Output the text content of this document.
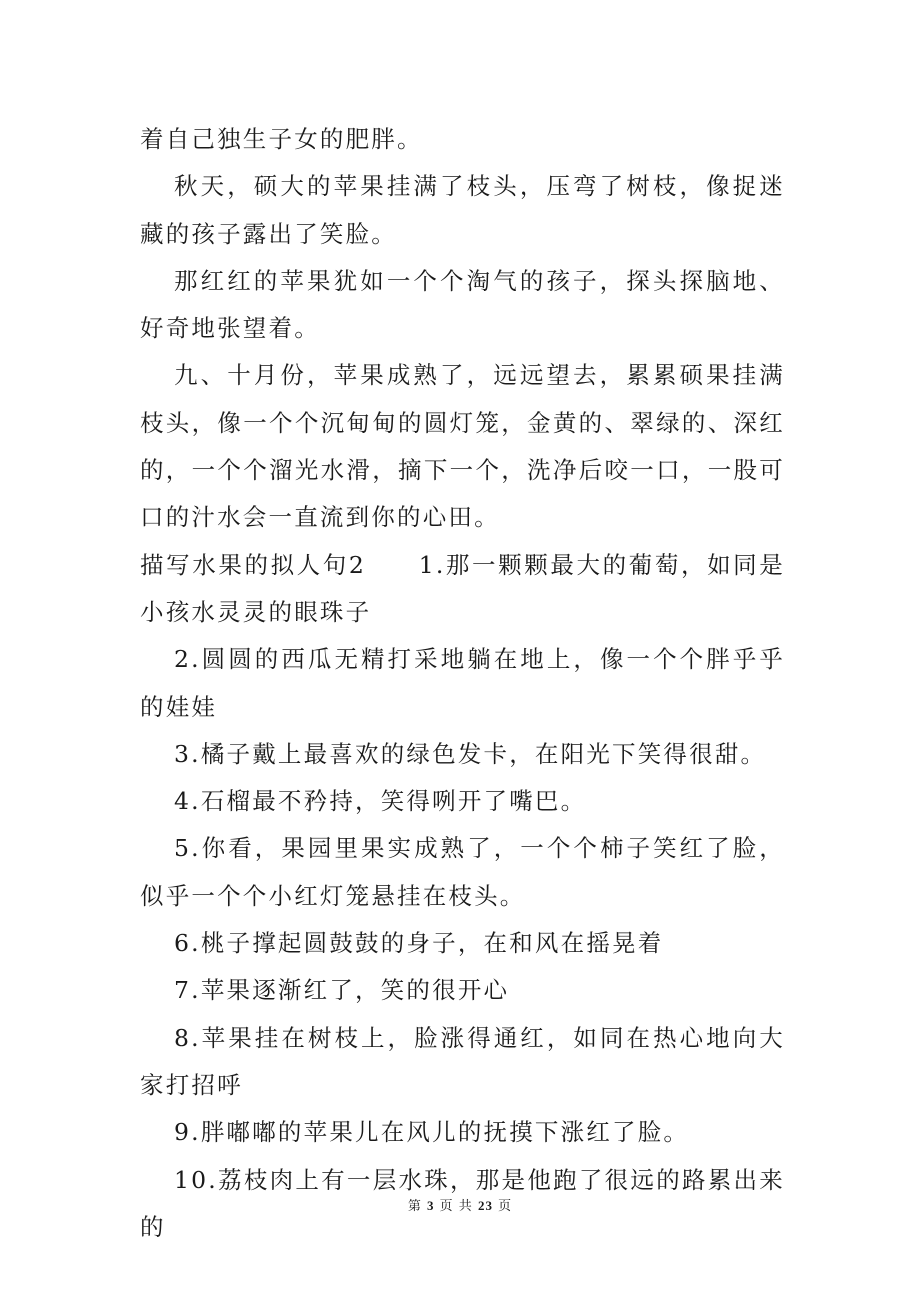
着自己独生子女的肥胖。

秋天，硕大的苹果挂满了枝头，压弯了树枝，像捉迷藏的孩子露出了笑脸。

那红红的苹果犹如一个个淘气的孩子，探头探脑地、好奇地张望着。

九、十月份，苹果成熟了，远远望去，累累硕果挂满枝头，像一个个沉甸甸的圆灯笼，金黄的、翠绿的、深红的，一个个溜光水滑，摘下一个，洗净后咬一口，一股可口的汁水会一直流到你的心田。

描写水果的拟人句2　　1.那一颗颗最大的葡萄，如同是小孩水灵灵的眼珠子

2.圆圆的西瓜无精打采地躺在地上，像一个个胖乎乎的娃娃

3.橘子戴上最喜欢的绿色发卡，在阳光下笑得很甜。

4.石榴最不矜持，笑得咧开了嘴巴。

5.你看，果园里果实成熟了，一个个柿子笑红了脸，似乎一个个小红灯笼悬挂在枝头。

6.桃子撑起圆鼓鼓的身子，在和风在摇晃着

7.苹果逐渐红了，笑的很开心

8.苹果挂在树枝上，脸涨得通红，如同在热心地向大家打招呼

9.胖嘟嘟的苹果儿在风儿的抚摸下涨红了脸。

10.荔枝肉上有一层水珠，那是他跑了很远的路累出来的

第 3 页 共 23 页
